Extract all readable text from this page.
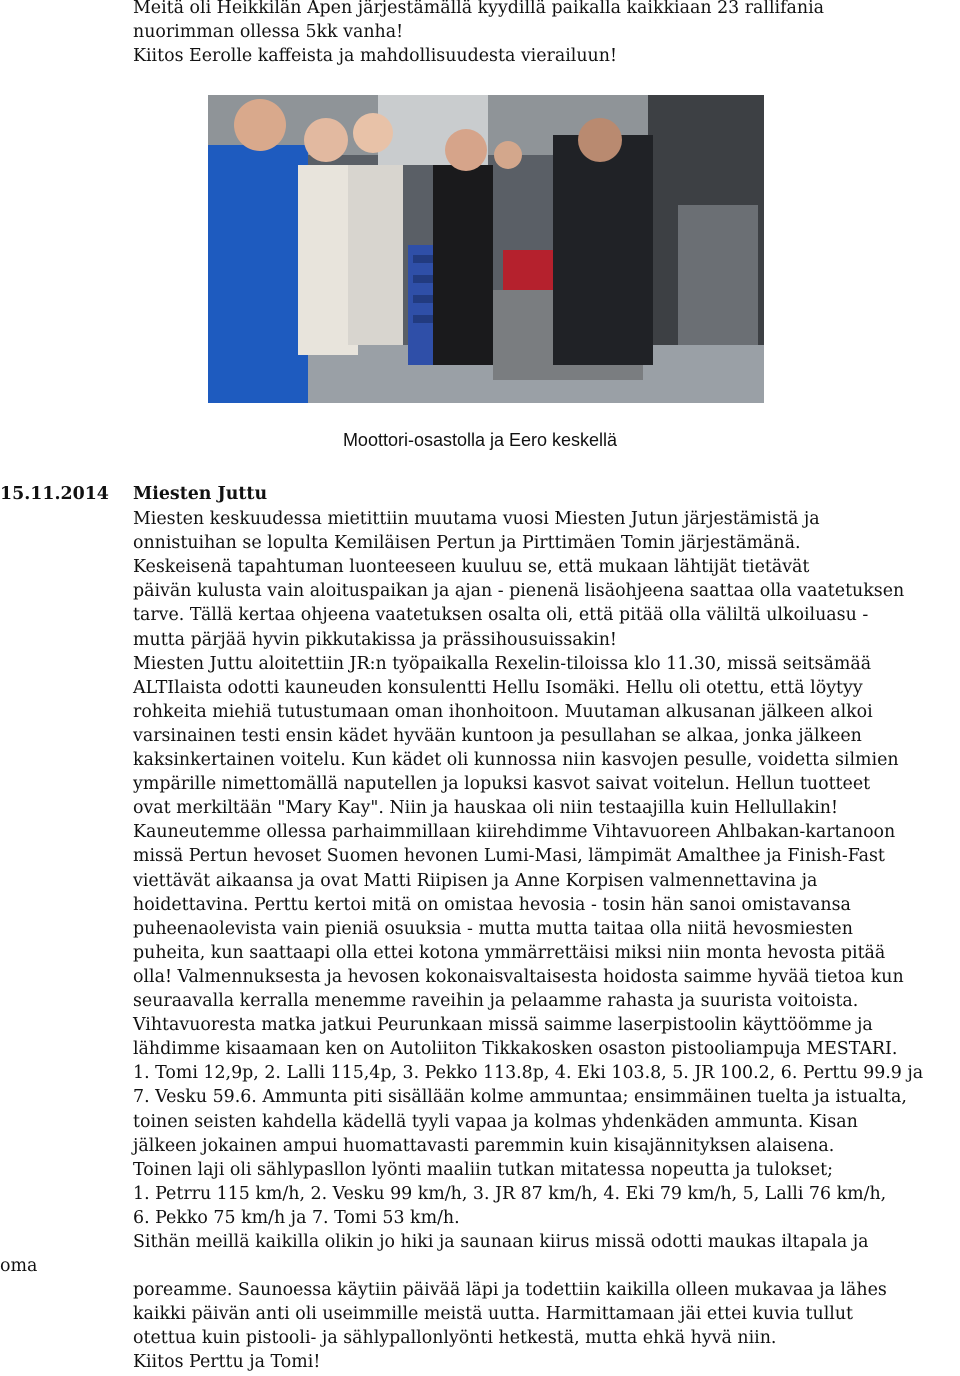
Meitä oli Heikkilän Apen järjestämällä kyydillä paikalla kaikkiaan 23 rallifania
nuorimman ollessa 5kk vanha!
Kiitos Eerolle kaffeista ja mahdollisuudesta vierailuun!
Moottori-osastolla ja Eero keskellä
15.11.2014 Miesten Juttu
Miesten keskuudessa mietittiin muutama vuosi Miesten Jutun järjestämistä ja
onnistuihan se lopulta Kemiläisen Pertun ja Pirttimäen Tomin järjestämänä.
Keskeisenä tapahtuman luonteeseen kuuluu se, että mukaan lähtijät tietävät
päivän kulusta vain aloituspaikan ja ajan - pienenä lisäohjeena saattaa olla vaatetuksen
tarve. Tällä kertaa ohjeena vaatetuksen osalta oli, että pitää olla väliltä ulkoiluasu -
mutta pärjää hyvin pikkutakissa ja prässihousuissakin!
Miesten Juttu aloitettiin JR:n työpaikalla Rexelin-tiloissa klo 11.30, missä seitsämää
ALTIlaista odotti kauneuden konsulentti Hellu Isomäki. Hellu oli otettu, että löytyy
rohkeita miehiä tutustumaan oman ihonhoitoon. Muutaman alkusanan jälkeen alkoi
varsinainen testi ensin kädet hyvään kuntoon ja pesullahan se alkaa, jonka jälkeen
kaksinkertainen voitelu. Kun kädet oli kunnossa niin kasvojen pesulle, voidetta silmien
ympärille nimettomällä naputellen ja lopuksi kasvot saivat voitelun. Hellun tuotteet
ovat merkiltään "Mary Kay". Niin ja hauskaa oli niin testaajilla kuin Hellullakin!
Kauneutemme ollessa parhaimmillaan kiirehdimme Vihtavuoreen Ahlbakan-kartanoon
missä Pertun hevoset Suomen hevonen Lumi-Masi, lämpimät Amalthee ja Finish-Fast
viettävät aikaansa ja ovat Matti Riipisen ja Anne Korpisen valmennettavina ja
hoidettavina. Perttu kertoi mitä on omistaa hevosia - tosin hän sanoi omistavansa
puheenaolevista vain pieniä osuuksia - mutta mutta taitaa olla niitä hevosmiesten
puheita, kun saattaapi olla ettei kotona ymmärrettäisi miksi niin monta hevosta pitää
olla! Valmennuksesta ja hevosen kokonaisvaltaisesta hoidosta saimme hyvää tietoa kun
seuraavalla kerralla menemme raveihin ja pelaamme rahasta ja suurista voitoista.
Vihtavuoresta matka jatkui Peurunkaan missä saimme laserpistoolin käyttöömme ja
lähdimme kisaamaan ken on Autoliiton Tikkakosken osaston pistooliampuja MESTARI.
1. Tomi 12,9p, 2. Lalli 115,4p, 3. Pekko 113.8p, 4. Eki 103.8, 5. JR 100.2, 6. Perttu 99.9 ja
7. Vesku 59.6. Ammunta piti sisällään kolme ammuntaa; ensimmäinen tuelta ja istualta,
toinen seisten kahdella kädellä tyyli vapaa ja kolmas yhdenkäden ammunta. Kisan
jälkeen jokainen ampui huomattavasti paremmin kuin kisajännityksen alaisena.
Toinen laji oli sählypasllon lyönti maaliin tutkan mitatessa nopeutta ja tulokset;
1. Petrru 115 km/h, 2. Vesku 99 km/h, 3. JR 87 km/h, 4. Eki 79 km/h, 5, Lalli 76 km/h,
6. Pekko 75 km/h ja 7. Tomi 53 km/h.
Sithän meillä kaikilla olikin jo hiki ja saunaan kiirus missä odotti maukas iltapala ja
poreamme. Saunoessa käytiin päivää läpi ja todettiin kaikilla olleen mukavaa ja lähes
kaikki päivän anti oli useimmille meistä uutta. Harmittamaan jäi ettei kuvia tullut
otettua kuin pistooli- ja sählypallonlyönti hetkestä, mutta ehkä hyvä niin.
Kiitos Perttu ja Tomi!
oma
